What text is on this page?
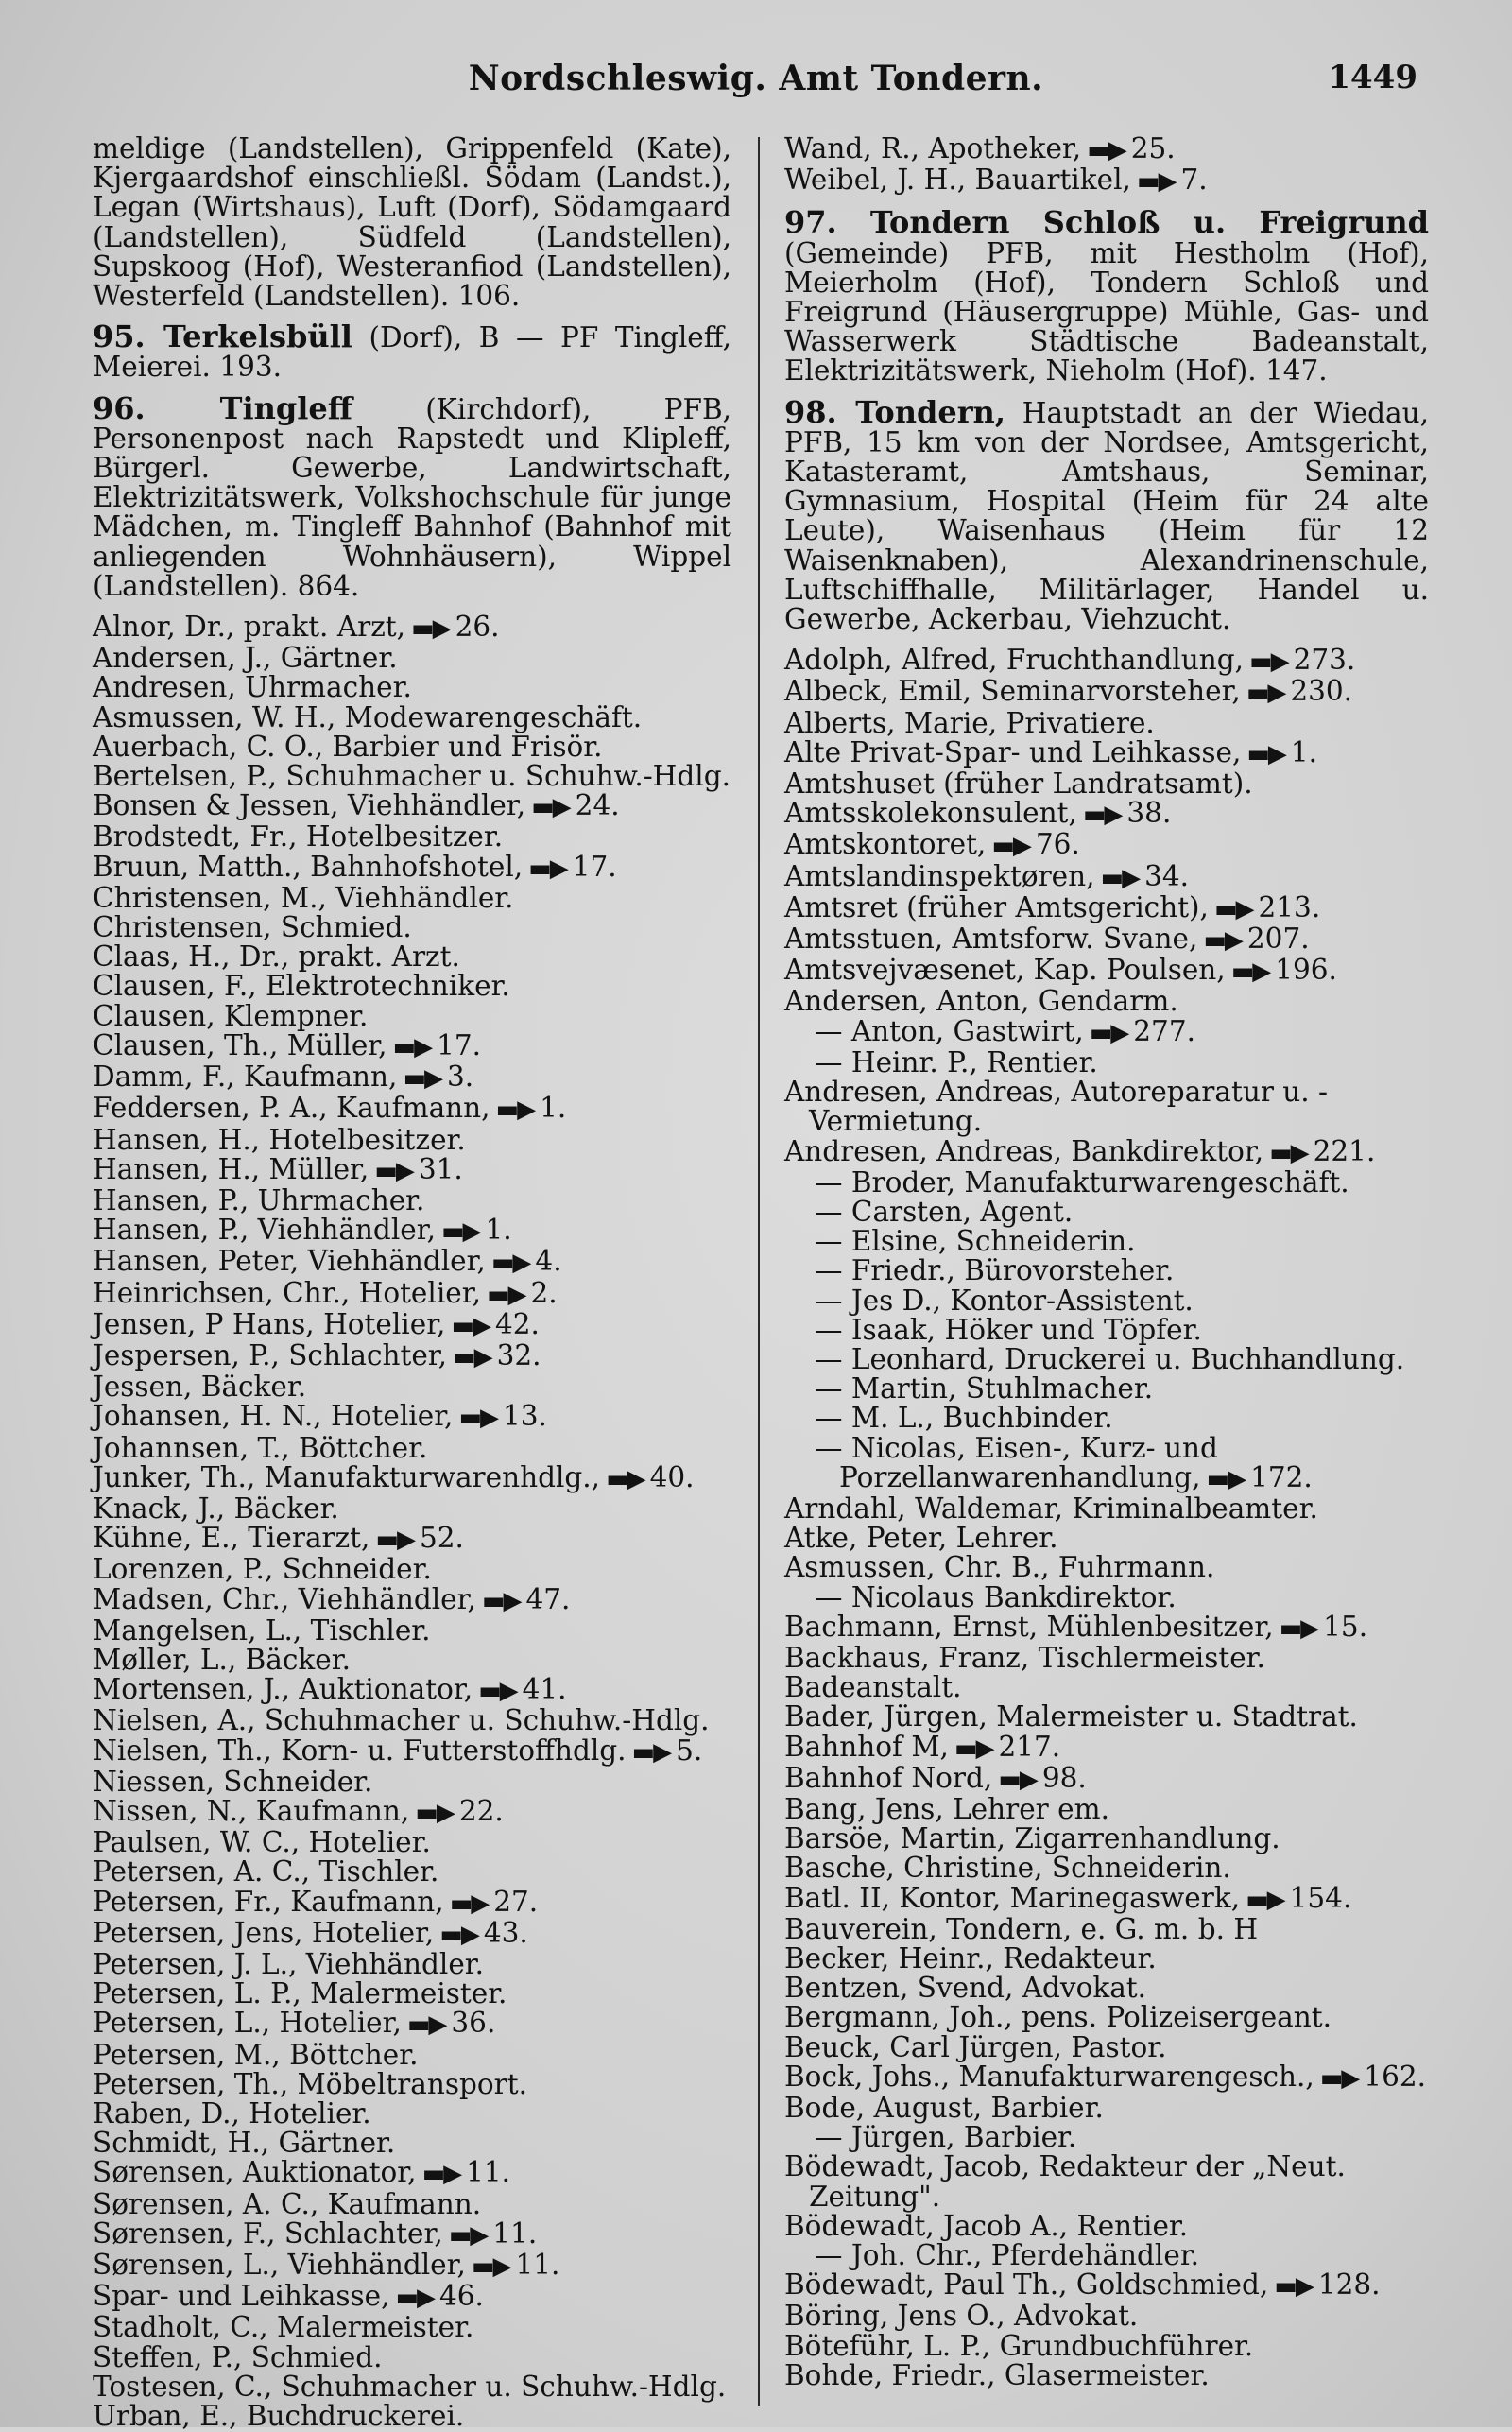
Nordschleswig. Amt Tondern.	1449

meldige (Landstellen), Grippenfeld (Kate), Kjergaardshof einschließl. Södam (Landst.), Legan (Wirtshaus), Luft (Dorf), Södamgaard (Landstellen), Südfeld (Landstellen), Supskoog (Hof), Westeranfiod (Landstellen), Westerfeld (Landstellen). 106.

95. Terkelsbüll (Dorf), B — PF Tingleff, Meierei. 193.

96. Tingleff (Kirchdorf), PFB, Personenpost nach Rapstedt und Klipleff, Bürgerl. Gewerbe, Landwirtschaft, Elektrizitätswerk, Volkshochschule für junge Mädchen, m. Tingleff Bahnhof (Bahnhof mit anliegenden Wohnhäusern), Wippel (Landstellen). 864.

Alnor, Dr., prakt. Arzt, ▬▶ 26.

Andersen, J., Gärtner.

Andresen, Uhrmacher.

Asmussen, W. H., Modewarengeschäft.

Auerbach, C. O., Barbier und Frisör.

Bertelsen, P., Schuhmacher u. Schuhw.-Hdlg.

Bonsen & Jessen, Viehhändler, ▬▶ 24.

Brodstedt, Fr., Hotelbesitzer.

Bruun, Matth., Bahnhofshotel, ▬▶ 17.

Christensen, M., Viehhändler.

Christensen, Schmied.

Claas, H., Dr., prakt. Arzt.

Clausen, F., Elektrotechniker.

Clausen, Klempner.

Clausen, Th., Müller, ▬▶ 17.

Damm, F., Kaufmann, ▬▶ 3.

Feddersen, P. A., Kaufmann, ▬▶ 1.

Hansen, H., Hotelbesitzer.

Hansen, H., Müller, ▬▶ 31.

Hansen, P., Uhrmacher.

Hansen, P., Viehhändler, ▬▶ 1.

Hansen, Peter, Viehhändler, ▬▶ 4.

Heinrichsen, Chr., Hotelier, ▬▶ 2.

Jensen, P Hans, Hotelier, ▬▶ 42.

Jespersen, P., Schlachter, ▬▶ 32.

Jessen, Bäcker.

Johansen, H. N., Hotelier, ▬▶ 13.

Johannsen, T., Böttcher.

Junker, Th., Manufakturwarenhdlg., ▬▶ 40.

Knack, J., Bäcker.

Kühne, E., Tierarzt, ▬▶ 52.

Lorenzen, P., Schneider.

Madsen, Chr., Viehhändler, ▬▶ 47.

Mangelsen, L., Tischler.

Møller, L., Bäcker.

Mortensen, J., Auktionator, ▬▶ 41.

Nielsen, A., Schuhmacher u. Schuhw.-Hdlg.

Nielsen, Th., Korn- u. Futterstoffhdlg. ▬▶ 5.

Niessen, Schneider.

Nissen, N., Kaufmann, ▬▶ 22.

Paulsen, W. C., Hotelier.

Petersen, A. C., Tischler.

Petersen, Fr., Kaufmann, ▬▶ 27.

Petersen, Jens, Hotelier, ▬▶ 43.

Petersen, J. L., Viehhändler.

Petersen, L. P., Malermeister.

Petersen, L., Hotelier, ▬▶ 36.

Petersen, M., Böttcher.

Petersen, Th., Möbeltransport.

Raben, D., Hotelier.

Schmidt, H., Gärtner.

Sørensen, Auktionator, ▬▶ 11.

Sørensen, A. C., Kaufmann.

Sørensen, F., Schlachter, ▬▶ 11.

Sørensen, L., Viehhändler, ▬▶ 11.

Spar- und Leihkasse, ▬▶ 46.

Stadholt, C., Malermeister.

Steffen, P., Schmied.

Tostesen, C., Schuhmacher u. Schuhw.-Hdlg.

Urban, E., Buchdruckerei.

Wand, R., Apotheker, ▬▶ 25.

Weibel, J. H., Bauartikel, ▬▶ 7.

97. Tondern Schloß u. Freigrund (Gemeinde) PFB, mit Hestholm (Hof), Meierholm (Hof), Tondern Schloß und Freigrund (Häusergruppe) Mühle, Gas- und Wasserwerk Städtische Badeanstalt, Elektrizitätswerk, Nieholm (Hof). 147.

98. Tondern, Hauptstadt an der Wiedau, PFB, 15 km von der Nordsee, Amtsgericht, Katasteramt, Amtshaus, Seminar, Gymnasium, Hospital (Heim für 24 alte Leute), Waisenhaus (Heim für 12 Waisenknaben), Alexandrinenschule, Luftschiffhalle, Militärlager, Handel u. Gewerbe, Ackerbau, Viehzucht.

Adolph, Alfred, Fruchthandlung, ▬▶ 273.

Albeck, Emil, Seminarvorsteher, ▬▶ 230.

Alberts, Marie, Privatiere.

Alte Privat-Spar- und Leihkasse, ▬▶ 1.

Amtshuset (früher Landratsamt).

Amtsskolekonsulent, ▬▶ 38.

Amtskontoret, ▬▶ 76.

Amtslandinspektøren, ▬▶ 34.

Amtsret (früher Amtsgericht), ▬▶ 213.

Amtsstuen, Amtsforw. Svane, ▬▶ 207.

Amtsvejvæsenet, Kap. Poulsen, ▬▶ 196.

Andersen, Anton, Gendarm.

— Anton, Gastwirt, ▬▶ 277.

— Heinr. P., Rentier.

Andresen, Andreas, Autoreparatur u. -Vermietung.

Andresen, Andreas, Bankdirektor, ▬▶ 221.

— Broder, Manufakturwarengeschäft.

— Carsten, Agent.

— Elsine, Schneiderin.

— Friedr., Bürovorsteher.

— Jes D., Kontor-Assistent.

— Isaak, Höker und Töpfer.

— Leonhard, Druckerei u. Buchhandlung.

— Martin, Stuhlmacher.

— M. L., Buchbinder.

— Nicolas, Eisen-, Kurz- und Porzellanwarenhandlung, ▬▶ 172.

Arndahl, Waldemar, Kriminalbeamter.

Atke, Peter, Lehrer.

Asmussen, Chr. B., Fuhrmann.

— Nicolaus Bankdirektor.

Bachmann, Ernst, Mühlenbesitzer, ▬▶ 15.

Backhaus, Franz, Tischlermeister.

Badeanstalt.

Bader, Jürgen, Malermeister u. Stadtrat.

Bahnhof M, ▬▶ 217.

Bahnhof Nord, ▬▶ 98.

Bang, Jens, Lehrer em.

Barsöe, Martin, Zigarrenhandlung.

Basche, Christine, Schneiderin.

Batl. II, Kontor, Marinegaswerk, ▬▶ 154.

Bauverein, Tondern, e. G. m. b. H

Becker, Heinr., Redakteur.

Bentzen, Svend, Advokat.

Bergmann, Joh., pens. Polizeisergeant.

Beuck, Carl Jürgen, Pastor.

Bock, Johs., Manufakturwarengesch., ▬▶ 162.

Bode, August, Barbier.

— Jürgen, Barbier.

Bödewadt, Jacob, Redakteur der „Neut. Zeitung".

Bödewadt, Jacob A., Rentier.

— Joh. Chr., Pferdehändler.

Bödewadt, Paul Th., Goldschmied, ▬▶ 128.

Böring, Jens O., Advokat.

Böteführ, L. P., Grundbuchführer.

Bohde, Friedr., Glasermeister.
